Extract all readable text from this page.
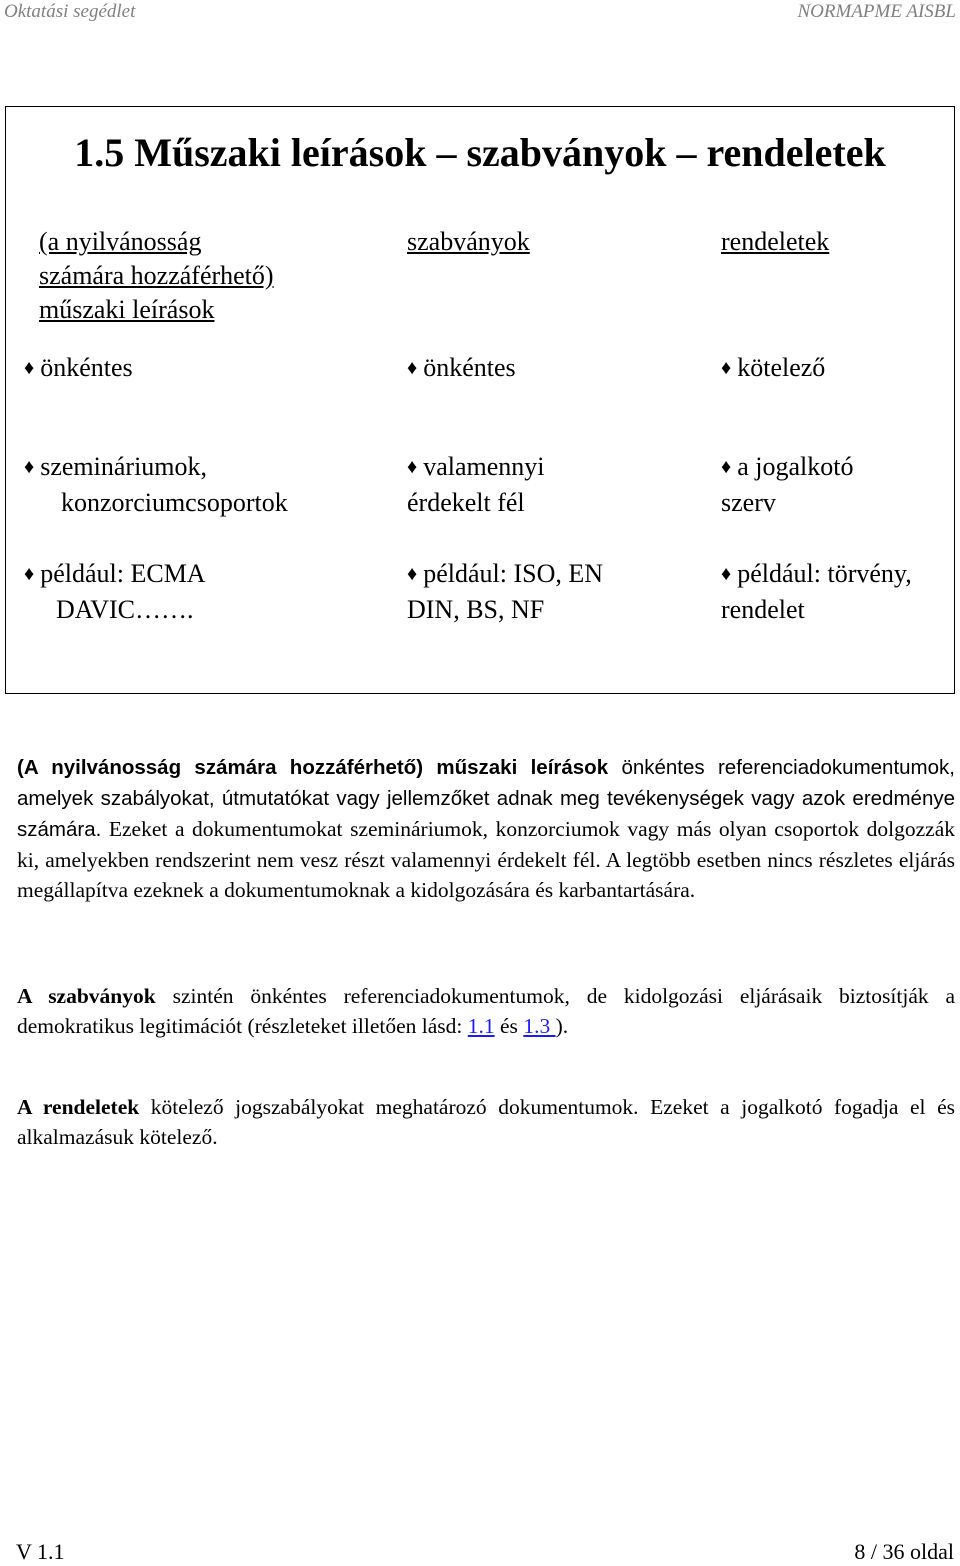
Oktatási segédlet	NORMAPME AISBL
1.5 Műszaki leírások – szabványok – rendeletek
(a nyilvánosság
számára hozzáférhető)
műszaki leírások
♦ önkéntes
♦ szemináriumok,
konzorciumcsoportok
♦ például: ECMA
DAVIC…….
szabványok
♦ önkéntes
♦ valamennyi
érdekelt fél
♦ például: ISO, EN
DIN, BS, NF
rendeletek
♦ kötelező
♦ a jogalkotó
szerv
♦ például: törvény,
rendelet

(A nyilvánosság számára hozzáférhető) műszaki leírások önkéntes referenciadokumentumok, amelyek szabályokat, útmutatókat vagy jellemzőket adnak meg tevékenységek vagy azok eredménye számára. Ezeket a dokumentumokat szemináriumok, konzorciumok vagy más olyan csoportok dolgozzák ki, amelyekben rendszerint nem vesz részt valamennyi érdekelt fél. A legtöbb esetben nincs részletes eljárás megállapítva ezeknek a dokumentumoknak a kidolgozására és karbantartására.

A szabványok szintén önkéntes referenciadokumentumok, de kidolgozási eljárásaik biztosítják a demokratikus legitimációt (részleteket illetően lásd: 1.1 és 1.3 ).

A rendeletek kötelező jogszabályokat meghatározó dokumentumok. Ezeket a jogalkotó fogadja el és alkalmazásuk kötelező.

V 1.1	8 / 36 oldal
